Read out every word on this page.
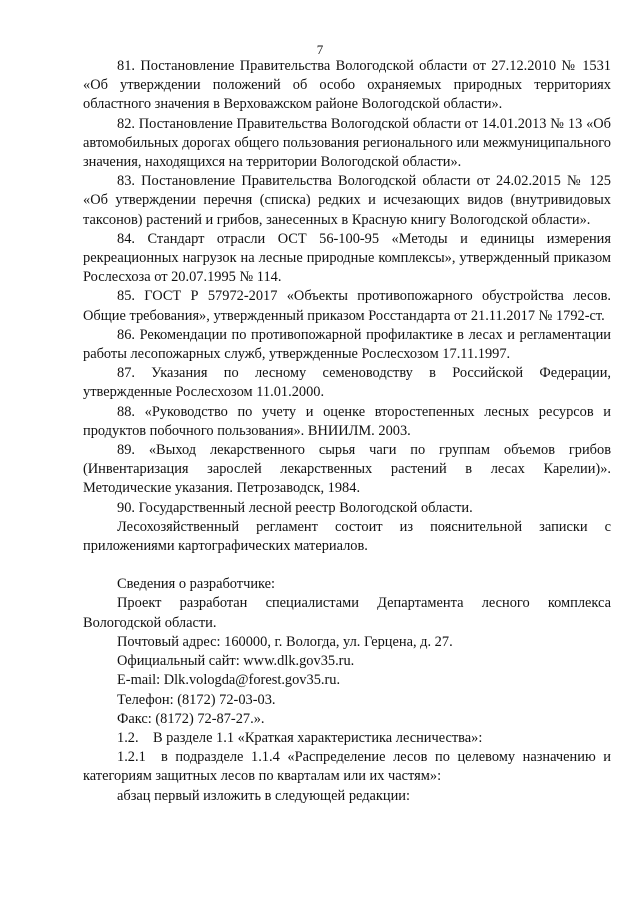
7

81. Постановление Правительства Вологодской области от 27.12.2010 № 1531 «Об утверждении положений об особо охраняемых природных территориях областного значения в Верховажском районе Вологодской области».

82. Постановление Правительства Вологодской области от 14.01.2013 № 13 «Об автомобильных дорогах общего пользования регионального или межмуниципального значения, находящихся на территории Вологодской области».

83. Постановление Правительства Вологодской области от 24.02.2015 № 125 «Об утверждении перечня (списка) редких и исчезающих видов (внутривидовых таксонов) растений и грибов, занесенных в Красную книгу Вологодской области».

84. Стандарт отрасли ОСТ 56-100-95 «Методы и единицы измерения рекреационных нагрузок на лесные природные комплексы», утвержденный приказом Рослесхоза от 20.07.1995 № 114.

85. ГОСТ Р 57972-2017 «Объекты противопожарного обустройства лесов. Общие требования», утвержденный приказом Росстандарта от 21.11.2017 № 1792-ст.

86. Рекомендации по противопожарной профилактике в лесах и регламентации работы лесопожарных служб, утвержденные Рослесхозом 17.11.1997.

87. Указания по лесному семеноводству в Российской Федерации, утвержденные Рослесхозом 11.01.2000.

88. «Руководство по учету и оценке второстепенных лесных ресурсов и продуктов побочного пользования». ВНИИЛМ. 2003.

89. «Выход лекарственного сырья чаги по группам объемов грибов (Инвентаризация зарослей лекарственных растений в лесах Карелии)». Методические указания. Петрозаводск, 1984.

90. Государственный лесной реестр Вологодской области.

Лесохозяйственный регламент состоит из пояснительной записки с приложениями картографических материалов.

Сведения о разработчике:

Проект разработан специалистами Департамента лесного комплекса Вологодской области.

Почтовый адрес: 160000, г. Вологда, ул. Герцена, д. 27.

Официальный сайт: www.dlk.gov35.ru.

E-mail: Dlk.vologda@forest.gov35.ru.

Телефон: (8172) 72-03-03.

Факс: (8172) 72-87-27.».

1.2.    В разделе 1.1 «Краткая характеристика лесничества»:

1.2.1  в подразделе 1.1.4 «Распределение лесов по целевому назначению и категориям защитных лесов по кварталам или их частям»:

абзац первый изложить в следующей редакции:
